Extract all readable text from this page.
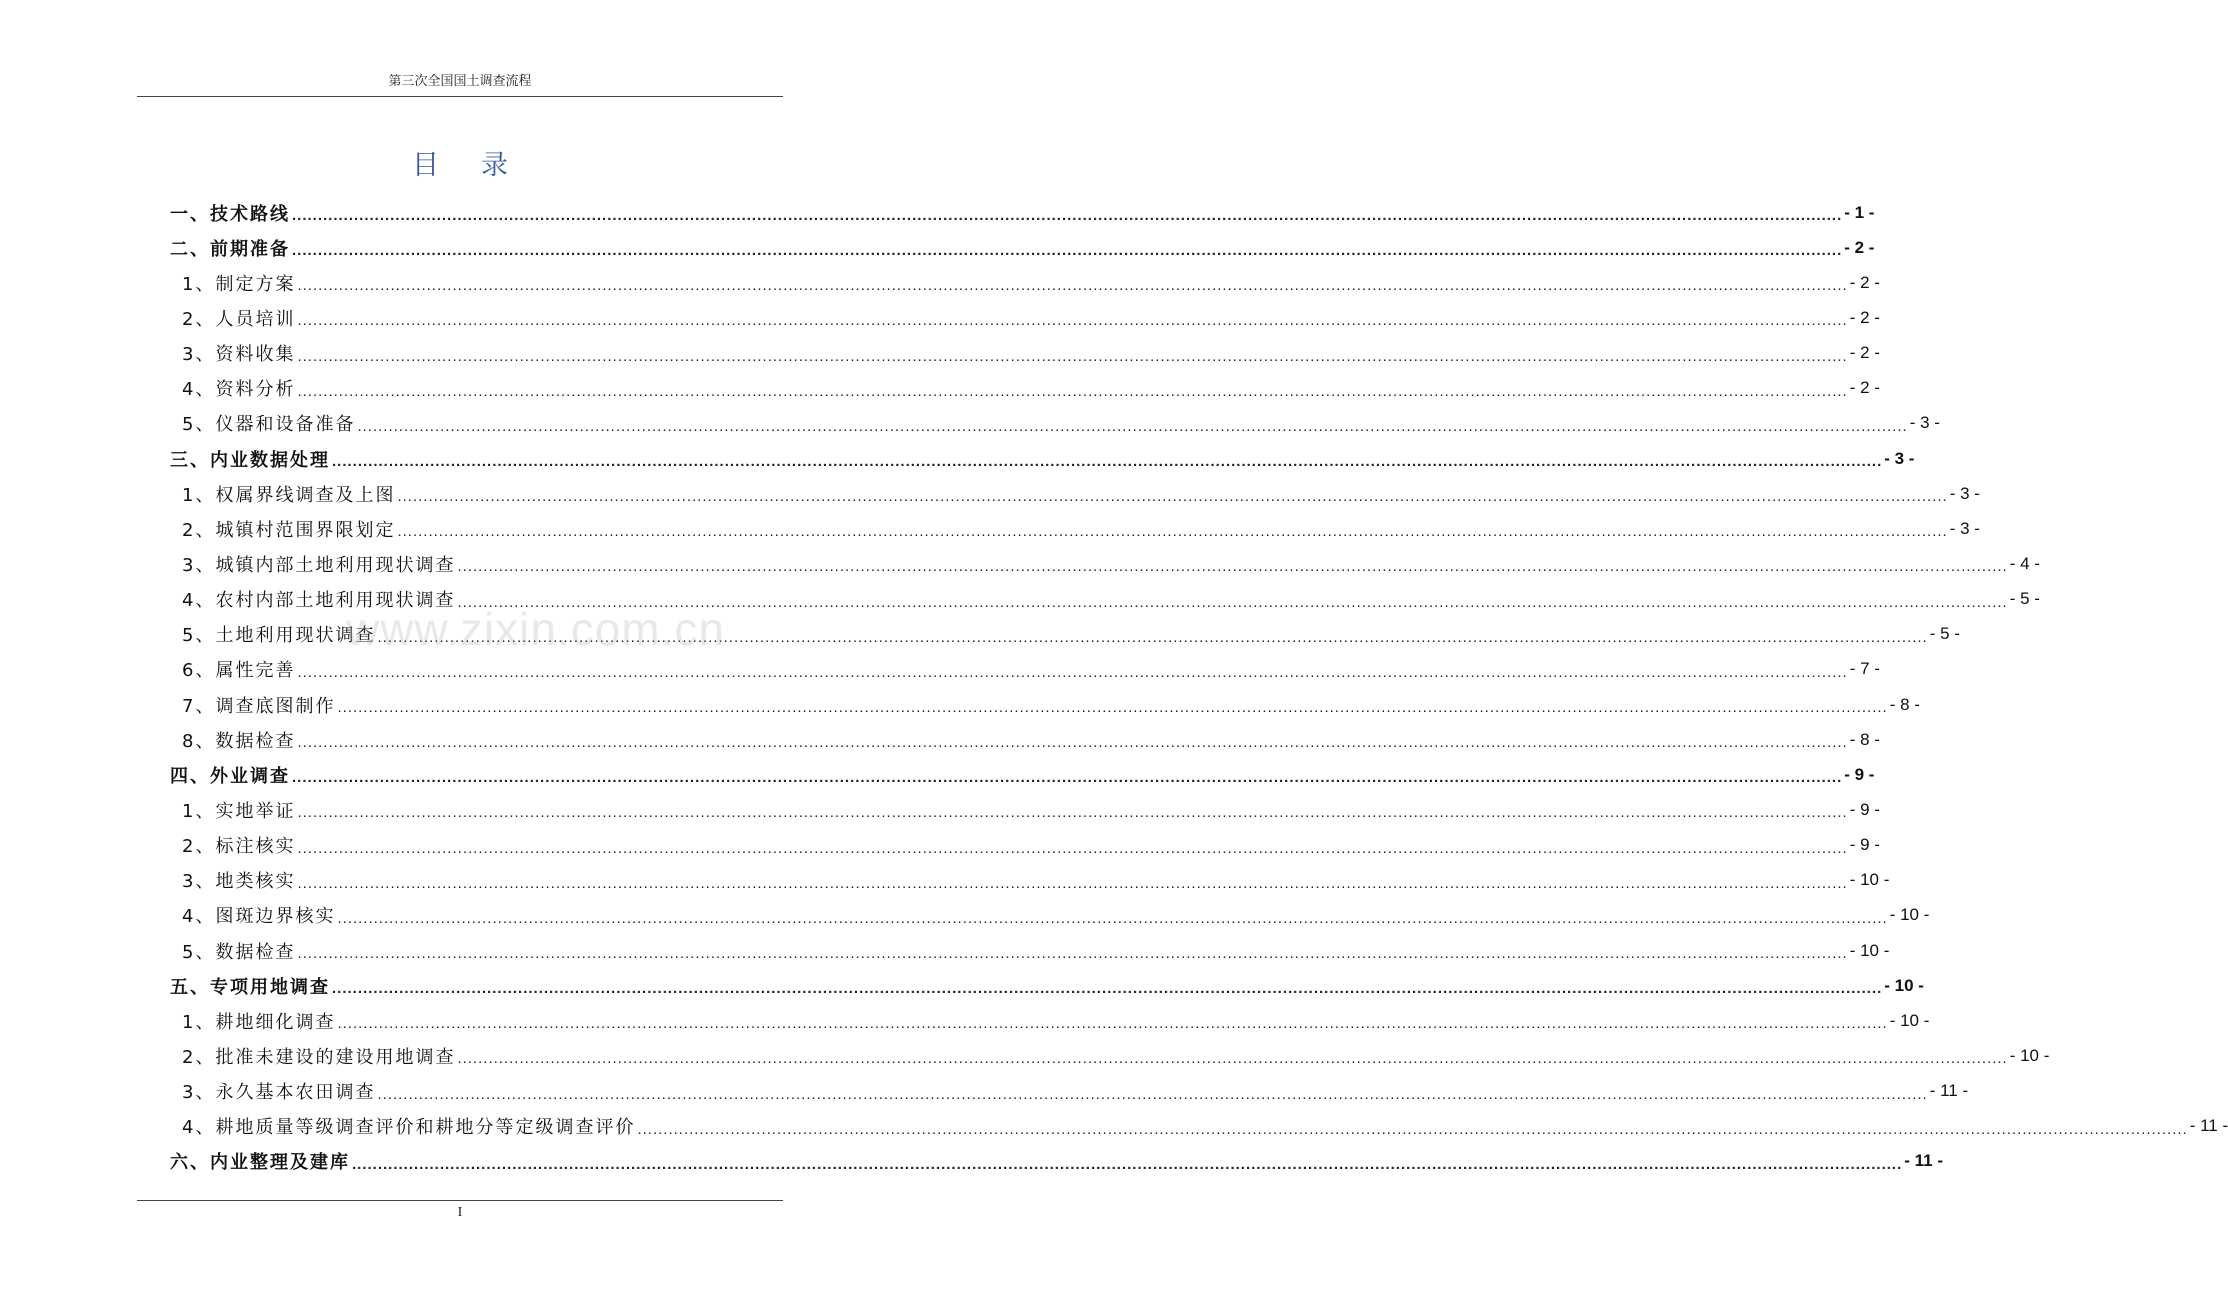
第三次全国国土调查流程
目录
一、技术路线 ............................................................................................................................................................................................................................................................................................................ - 1 -
二、前期准备 ............................................................................................................................................................................................................................................................................................................ - 2 -
1、制定方案 ............................................................................................................................................................................................................................................................................................................ - 2 -
2、人员培训 ............................................................................................................................................................................................................................................................................................................ - 2 -
3、资料收集 ............................................................................................................................................................................................................................................................................................................ - 2 -
4、资料分析 ............................................................................................................................................................................................................................................................................................................ - 2 -
5、仪器和设备准备 ............................................................................................................................................................................................................................................................................................................ - 3 -
三、内业数据处理 ............................................................................................................................................................................................................................................................................................................ - 3 -
1、权属界线调查及上图 ............................................................................................................................................................................................................................................................................................................ - 3 -
2、城镇村范围界限划定 ............................................................................................................................................................................................................................................................................................................ - 3 -
3、城镇内部土地利用现状调查 ............................................................................................................................................................................................................................................................................................................ - 4 -
4、农村内部土地利用现状调查 ............................................................................................................................................................................................................................................................................................................ - 5 -
5、土地利用现状调查 ............................................................................................................................................................................................................................................................................................................ - 5 -
6、属性完善 ............................................................................................................................................................................................................................................................................................................ - 7 -
7、调查底图制作 ............................................................................................................................................................................................................................................................................................................ - 8 -
8、数据检查 ............................................................................................................................................................................................................................................................................................................ - 8 -
四、外业调查 ............................................................................................................................................................................................................................................................................................................ - 9 -
1、实地举证 ............................................................................................................................................................................................................................................................................................................ - 9 -
2、标注核实 ............................................................................................................................................................................................................................................................................................................ - 9 -
3、地类核实 ............................................................................................................................................................................................................................................................................................................ - 10 -
4、图斑边界核实 ............................................................................................................................................................................................................................................................................................................ - 10 -
5、数据检查 ............................................................................................................................................................................................................................................................................................................ - 10 -
五、专项用地调查 ............................................................................................................................................................................................................................................................................................................ - 10 -
1、耕地细化调查 ............................................................................................................................................................................................................................................................................................................ - 10 -
2、批准未建设的建设用地调查 ............................................................................................................................................................................................................................................................................................................ - 10 -
3、永久基本农田调查 ............................................................................................................................................................................................................................................................................................................ - 11 -
4、耕地质量等级调查评价和耕地分等定级调查评价 ............................................................................................................................................................................................................................................................................................................ - 11 -
六、内业整理及建库 ............................................................................................................................................................................................................................................................................................................ - 11 -
www.zixin.com.cn
I
